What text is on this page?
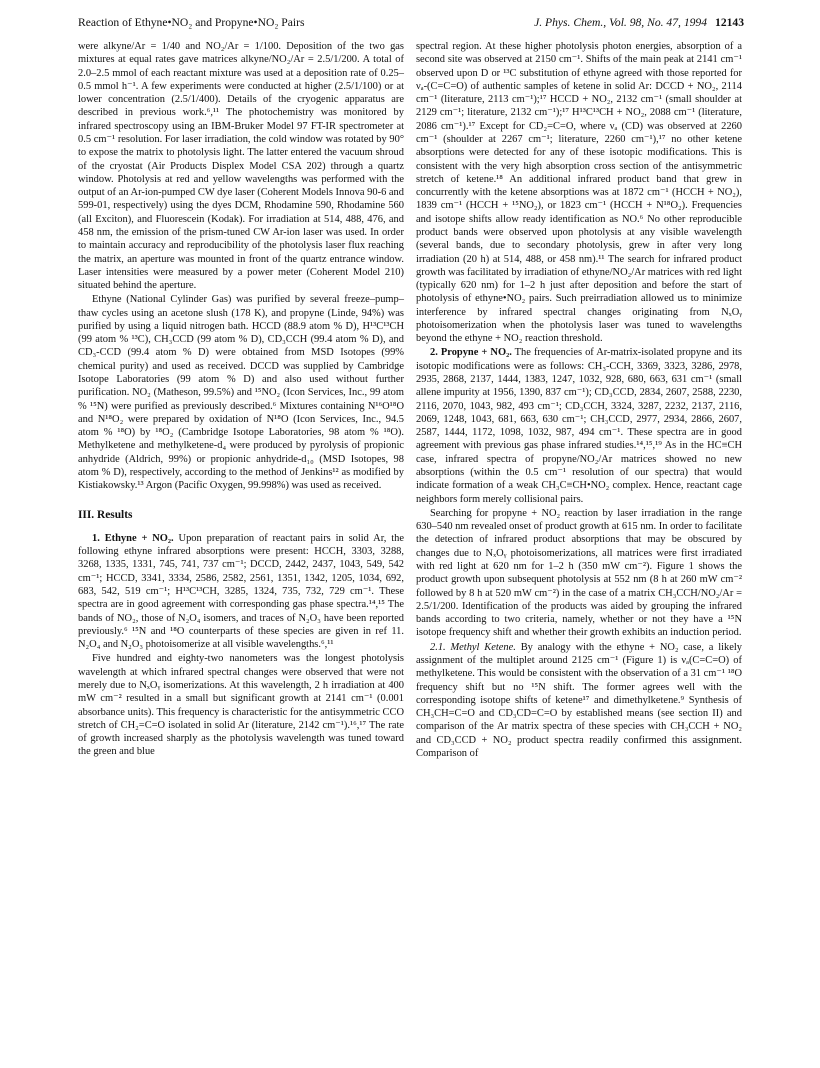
Reaction of Ethyne•NO₂ and Propyne•NO₂ Pairs	J. Phys. Chem., Vol. 98, No. 47, 1994 12143

were alkyne/Ar = 1/40 and NO₂/Ar = 1/100. Deposition of the two gas mixtures at equal rates gave matrices alkyne/NO₂/Ar = 2.5/1/200. A total of 2.0–2.5 mmol of each reactant mixture was used at a deposition rate of 0.25–0.5 mmol h⁻¹. A few experiments were conducted at higher (2.5/1/100) or at lower concentration (2.5/1/400). Details of the cryogenic apparatus are described in previous work.⁶,¹¹ The photochemistry was monitored by infrared spectroscopy using an IBM-Bruker Model 97 FT-IR spectrometer at 0.5 cm⁻¹ resolution. For laser irradiation, the cold window was rotated by 90° to expose the matrix to photolysis light. The latter entered the vacuum shroud of the cryostat (Air Products Displex Model CSA 202) through a quartz window. Photolysis at red and yellow wavelengths was performed with the output of an Ar-ion-pumped CW dye laser (Coherent Models Innova 90-6 and 599-01, respectively) using the dyes DCM, Rhodamine 590, Rhodamine 560 (all Exciton), and Fluorescein (Kodak). For irradiation at 514, 488, 476, and 458 nm, the emission of the prism-tuned CW Ar-ion laser was used. In order to maintain accuracy and reproducibility of the photolysis laser flux reaching the matrix, an aperture was mounted in front of the quartz entrance window. Laser intensities were measured by a power meter (Coherent Model 210) situated behind the aperture.

Ethyne (National Cylinder Gas) was purified by several freeze–pump–thaw cycles using an acetone slush (178 K), and propyne (Linde, 94%) was purified by using a liquid nitrogen bath. HCCD (88.9 atom % D), H¹³C¹³CH (99 atom % ¹³C), CH₃CCD (99 atom % D), CD₃CCH (99.4 atom % D), and CD₃-CCD (99.4 atom % D) were obtained from MSD Isotopes (99% chemical purity) and used as received. DCCD was supplied by Cambridge Isotope Laboratories (99 atom % D) and also used without further purification. NO₂ (Matheson, 99.5%) and ¹⁵NO₂ (Icon Services, Inc., 99 atom % ¹⁵N) were purified as previously described.⁶ Mixtures containing N¹⁶O¹⁸O and N¹⁸O₂ were prepared by oxidation of N¹⁸O (Icon Services, Inc., 94.5 atom % ¹⁸O) by ¹⁸O₂ (Cambridge Isotope Laboratories, 98 atom % ¹⁸O). Methylketene and methylketene-d₄ were produced by pyrolysis of propionic anhydride (Aldrich, 99%) or propionic anhydride-d₁₀ (MSD Isotopes, 98 atom % D), respectively, according to the method of Jenkins¹² as modified by Kistiakowsky.¹³ Argon (Pacific Oxygen, 99.998%) was used as received.

III. Results

1. Ethyne + NO₂. Upon preparation of reactant pairs in solid Ar, the following ethyne infrared absorptions were present: HCCH, 3303, 3288, 3268, 1335, 1331, 745, 741, 737 cm⁻¹; DCCD, 2442, 2437, 1043, 549, 542 cm⁻¹; HCCD, 3341, 3334, 2586, 2582, 2561, 1351, 1342, 1205, 1034, 692, 683, 542, 519 cm⁻¹; H¹³C¹³CH, 3285, 1324, 735, 732, 729 cm⁻¹. These spectra are in good agreement with corresponding gas phase spectra.¹⁴,¹⁵ The bands of NO₂, those of N₂O₄ isomers, and traces of N₂O₃ have been reported previously.⁶ ¹⁵N and ¹⁸O counterparts of these species are given in ref 11. N₂O₄ and N₂O₃ photoisomerize at all visible wavelengths.⁶,¹¹

Five hundred and eighty-two nanometers was the longest photolysis wavelength at which infrared spectral changes were observed that were not merely due to NₓOᵧ isomerizations. At this wavelength, 2 h irradiation at 400 mW cm⁻² resulted in a small but significant growth at 2141 cm⁻¹ (0.001 absorbance units). This frequency is characteristic for the antisymmetric CCO stretch of CH₂=C=O isolated in solid Ar (literature, 2142 cm⁻¹).¹⁶,¹⁷ The rate of growth increased sharply as the photolysis wavelength was tuned toward the green and blue

spectral region. At these higher photolysis photon energies, absorption of a second site was observed at 2150 cm⁻¹. Shifts of the main peak at 2141 cm⁻¹ observed upon D or ¹³C substitution of ethyne agreed with those reported for νₐ-(C=C=O) of authentic samples of ketene in solid Ar: DCCD + NO₂, 2114 cm⁻¹ (literature, 2113 cm⁻¹);¹⁷ HCCD + NO₂, 2132 cm⁻¹ (small shoulder at 2129 cm⁻¹; literature, 2132 cm⁻¹);¹⁷ H¹³C¹³CH + NO₂, 2088 cm⁻¹ (literature, 2086 cm⁻¹).¹⁷ Except for CD₂=C=O, where νₐ (CD) was observed at 2260 cm⁻¹ (shoulder at 2267 cm⁻¹; literature, 2260 cm⁻¹),¹⁷ no other ketene absorptions were detected for any of these isotopic modifications. This is consistent with the very high absorption cross section of the antisymmetric stretch of ketene.¹⁸ An additional infrared product band that grew in concurrently with the ketene absorptions was at 1872 cm⁻¹ (HCCH + NO₂), 1839 cm⁻¹ (HCCH + ¹⁵NO₂), or 1823 cm⁻¹ (HCCH + N¹⁸O₂). Frequencies and isotope shifts allow ready identification as NO.⁶ No other reproducible product bands were observed upon photolysis at any visible wavelength (several bands, due to secondary photolysis, grew in after very long irradiation (20 h) at 514, 488, or 458 nm).¹¹ The search for infrared product growth was facilitated by irradiation of ethyne/NO₂/Ar matrices with red light (typically 620 nm) for 1–2 h just after deposition and before the start of photolysis of ethyne•NO₂ pairs. Such preirradiation allowed us to minimize interference by infrared spectral changes originating from NₓOᵧ photoisomerization when the photolysis laser was tuned to wavelengths beyond the ethyne + NO₂ reaction threshold.

2. Propyne + NO₂. The frequencies of Ar-matrix-isolated propyne and its isotopic modifications were as follows: CH₃-CCH, 3369, 3323, 3286, 2978, 2935, 2868, 2137, 1444, 1383, 1247, 1032, 928, 680, 663, 631 cm⁻¹ (small allene impurity at 1956, 1390, 837 cm⁻¹); CD₃CCD, 2834, 2607, 2588, 2230, 2116, 2070, 1043, 982, 493 cm⁻¹; CD₃CCH, 3324, 3287, 2232, 2137, 2116, 2069, 1248, 1043, 681, 663, 630 cm⁻¹; CH₃CCD, 2977, 2934, 2866, 2607, 2587, 1444, 1172, 1098, 1032, 987, 494 cm⁻¹. These spectra are in good agreement with previous gas phase infrared studies.¹⁴,¹⁵,¹⁹ As in the HC≡CH case, infrared spectra of propyne/NO₂/Ar matrices showed no new absorptions (within the 0.5 cm⁻¹ resolution of our spectra) that would indicate formation of a weak CH₃C≡CH•NO₂ complex. Hence, reactant cage neighbors form merely collisional pairs.

Searching for propyne + NO₂ reaction by laser irradiation in the range 630–540 nm revealed onset of product growth at 615 nm. In order to facilitate the detection of infrared product absorptions that may be obscured by changes due to NₓOᵧ photoisomerizations, all matrices were first irradiated with red light at 620 nm for 1–2 h (350 mW cm⁻²). Figure 1 shows the product growth upon subsequent photolysis at 552 nm (8 h at 260 mW cm⁻² followed by 8 h at 520 mW cm⁻²) in the case of a matrix CH₃CCH/NO₂/Ar = 2.5/1/200. Identification of the products was aided by grouping the infrared bands according to two criteria, namely, whether or not they have a ¹⁵N isotope frequency shift and whether their growth exhibits an induction period.

2.1. Methyl Ketene. By analogy with the ethyne + NO₂ case, a likely assignment of the multiplet around 2125 cm⁻¹ (Figure 1) is νₐ(C=C=O) of methylketene. This would be consistent with the observation of a 31 cm⁻¹ ¹⁸O frequency shift but no ¹⁵N shift. The former agrees well with the corresponding isotope shifts of ketene¹⁷ and dimethylketene.⁹ Synthesis of CH₃CH=C=O and CD₃CD=C=O by established means (see section II) and comparison of the Ar matrix spectra of these species with CH₃CCH + NO₂ and CD₃CCD + NO₂ product spectra readily confirmed this assignment. Comparison of
